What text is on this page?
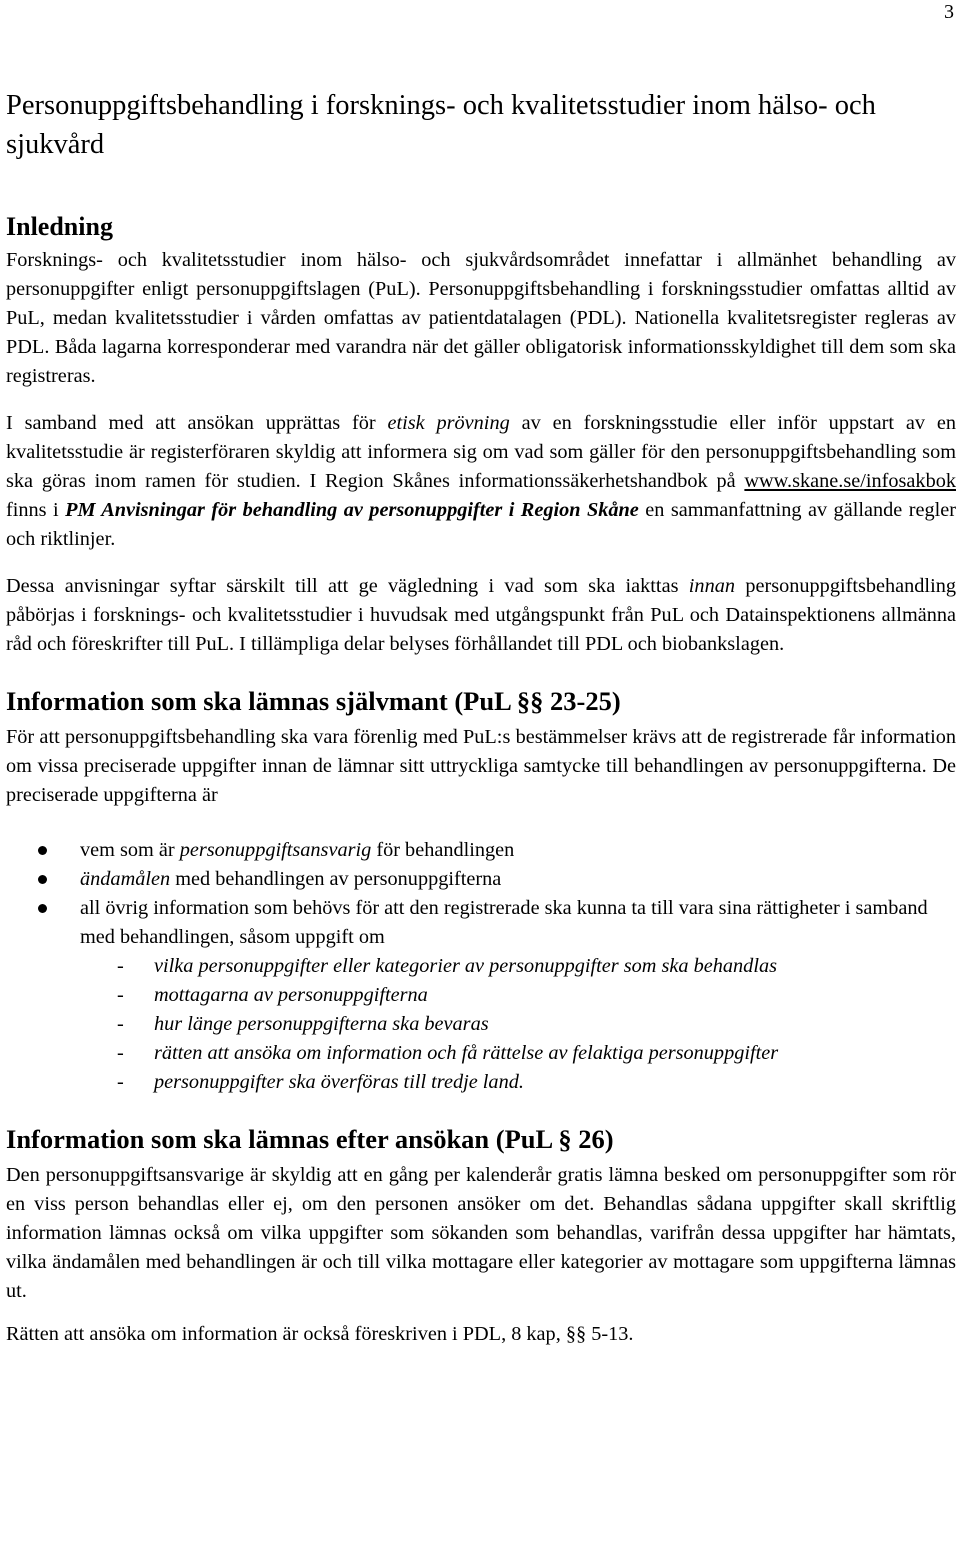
3
Personuppgiftsbehandling i forsknings- och kvalitetsstudier inom hälso- och sjukvård
Inledning

Forsknings- och kvalitetsstudier inom hälso- och sjukvårdsområdet innefattar i allmänhet behandling av personuppgifter enligt personuppgiftslagen (PuL). Personuppgiftsbehandling i forskningsstudier omfattas alltid av PuL, medan kvalitetsstudier i vården omfattas av patientdatalagen (PDL). Nationella kvalitetsregister regleras av PDL. Båda lagarna korresponderar med varandra när det gäller obligatorisk informationsskyldighet till dem som ska registreras.

I samband med att ansökan upprättas för etisk prövning av en forskningsstudie eller inför uppstart av en kvalitetsstudie är registerföraren skyldig att informera sig om vad som gäller för den personuppgiftsbehandling som ska göras inom ramen för studien. I Region Skånes informationssäkerhetshandbok på www.skane.se/infosakbok finns i PM Anvisningar för behandling av personuppgifter i Region Skåne en sammanfattning av gällande regler och riktlinjer.

Dessa anvisningar syftar särskilt till att ge vägledning i vad som ska iakttas innan personuppgiftsbehandling påbörjas i forsknings- och kvalitetsstudier i huvudsak med utgångspunkt från PuL och Datainspektionens allmänna råd och föreskrifter till PuL. I tillämpliga delar belyses förhållandet till PDL och biobankslagen.

Information som ska lämnas självmant (PuL §§ 23-25)

För att personuppgiftsbehandling ska vara förenlig med PuL:s bestämmelser krävs att de registrerade får information om vissa preciserade uppgifter innan de lämnar sitt uttryckliga samtycke till behandlingen av personuppgifterna. De preciserade uppgifterna är

vem som är personuppgiftsansvarig för behandlingen
ändamålen med behandlingen av personuppgifterna
all övrig information som behövs för att den registrerade ska kunna ta till vara sina rättigheter i samband med behandlingen, såsom uppgift om
-	vilka personuppgifter eller kategorier av personuppgifter som ska behandlas
-	mottagarna av personuppgifterna
-	hur länge personuppgifterna ska bevaras
-	rätten att ansöka om information och få rättelse av felaktiga personuppgifter
-	personuppgifter ska överföras till tredje land.
Information som ska lämnas efter ansökan (PuL § 26)

Den personuppgiftsansvarige är skyldig att en gång per kalenderår gratis lämna besked om personuppgifter som rör en viss person behandlas eller ej, om den personen ansöker om det. Behandlas sådana uppgifter skall skriftlig information lämnas också om vilka uppgifter som sökanden som behandlas, varifrån dessa uppgifter har hämtats, vilka ändamålen med behandlingen är och till vilka mottagare eller kategorier av mottagare som uppgifterna lämnas ut.

Rätten att ansöka om information är också föreskriven i PDL, 8 kap, §§ 5-13.
